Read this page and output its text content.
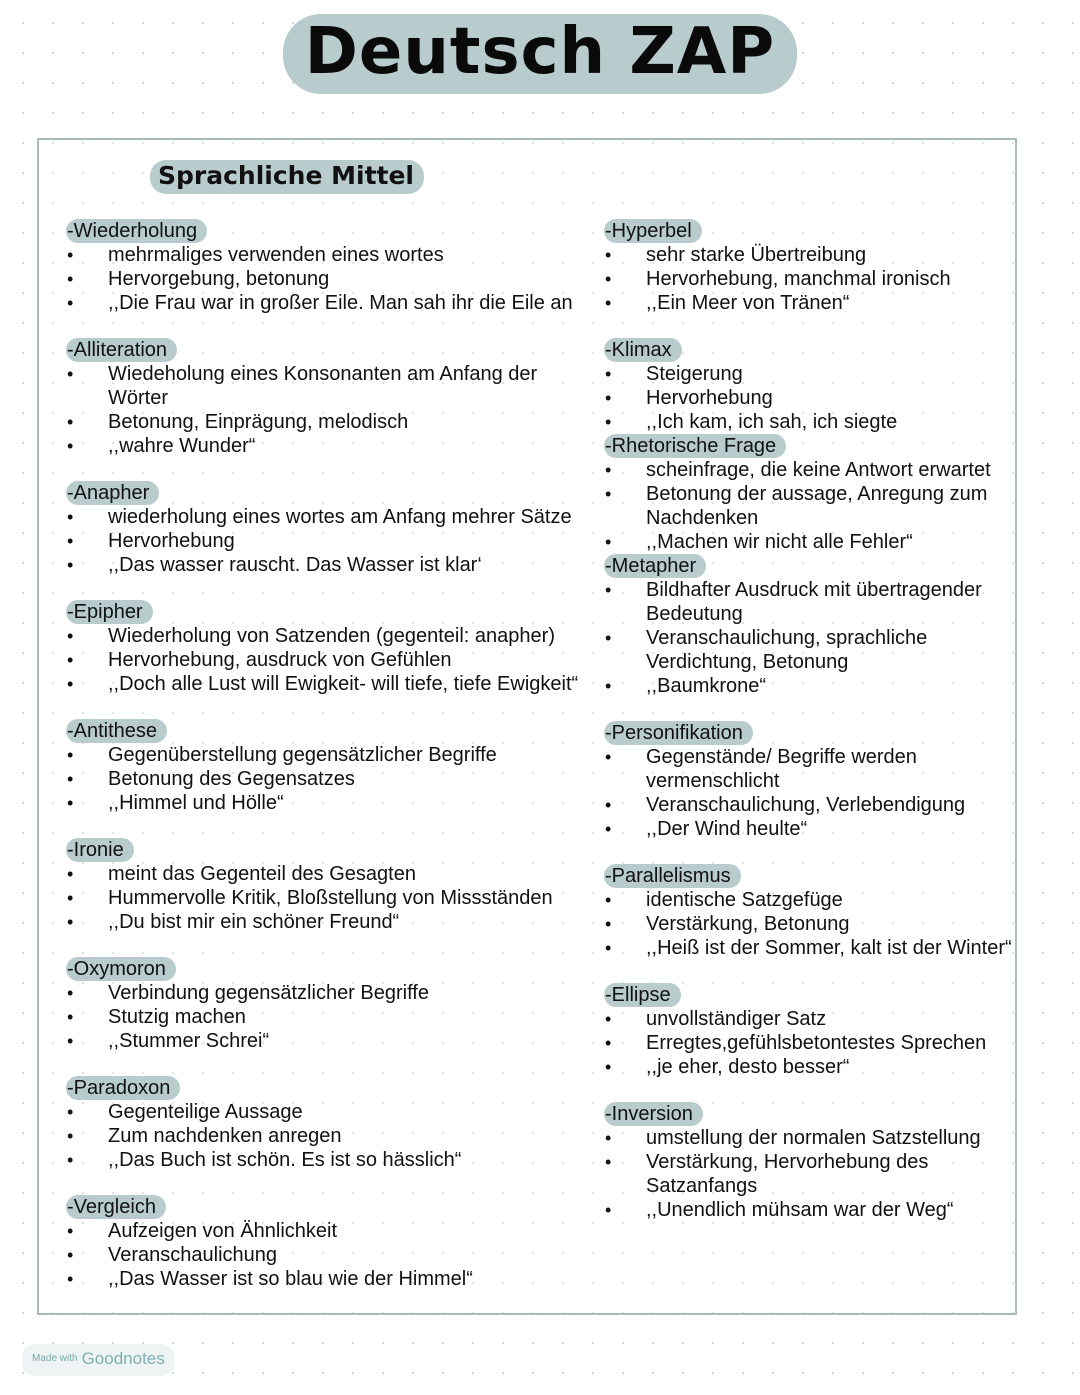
Deutsch ZAP
Sprachliche Mittel
-Wiederholung
• mehrmaliges verwenden eines wortes
• Hervorgebung, betonung
• ,,Die Frau war in großer Eile. Man sah ihr die Eile an
-Alliteration
• Wiedeholung eines Konsonanten am Anfang der Wörter
• Betonung, Einprägung, melodisch
• ,,wahre Wunder“
-Anapher
• wiederholung eines wortes am Anfang mehrer Sätze
• Hervorhebung
• ,,Das wasser rauscht. Das Wasser ist klar‘
-Epipher
• Wiederholung von Satzenden (gegenteil: anapher)
• Hervorhebung, ausdruck von Gefühlen
• ,,Doch alle Lust will Ewigkeit- will tiefe, tiefe Ewigkeit“
-Antithese
• Gegenüberstellung gegensätzlicher Begriffe
• Betonung des Gegensatzes
• ,,Himmel und Hölle“
-Ironie
• meint das Gegenteil des Gesagten
• Hummervolle Kritik, Bloßstellung von Missständen
• ,,Du bist mir ein schöner Freund“
-Oxymoron
• Verbindung gegensätzlicher Begriffe
• Stutzig machen
• ,,Stummer Schrei“
-Paradoxon
• Gegenteilige Aussage
• Zum nachdenken anregen
• ,,Das Buch ist schön. Es ist so hässlich“
-Vergleich
• Aufzeigen von Ähnlichkeit
• Veranschaulichung
• ,,Das Wasser ist so blau wie der Himmel“
-Hyperbel
• sehr starke Übertreibung
• Hervorhebung, manchmal ironisch
• ,,Ein Meer von Tränen“
-Klimax
• Steigerung
• Hervorhebung
• ,,Ich kam, ich sah, ich siegte
-Rhetorische Frage
• scheinfrage, die keine Antwort erwartet
• Betonung der aussage, Anregung zum Nachdenken
• ,,Machen wir nicht alle Fehler“
-Metapher
• Bildhafter Ausdruck mit übertragender Bedeutung
• Veranschaulichung, sprachliche Verdichtung, Betonung
• ,,Baumkrone“
-Personifikation
• Gegenstände/ Begriffe werden vermenschlicht
• Veranschaulichung, Verlebendigung
• ,,Der Wind heulte“
-Parallelismus
• identische Satzgefüge
• Verstärkung, Betonung
• ,,Heiß ist der Sommer, kalt ist der Winter“
-Ellipse
• unvollständiger Satz
• Erregtes,gefühlsbetontestes Sprechen
• ,,je eher, desto besser“
-Inversion
• umstellung der normalen Satzstellung
• Verstärkung, Hervorhebung des Satzanfangs
• ,,Unendlich mühsam war der Weg“
Made with Goodnotes
